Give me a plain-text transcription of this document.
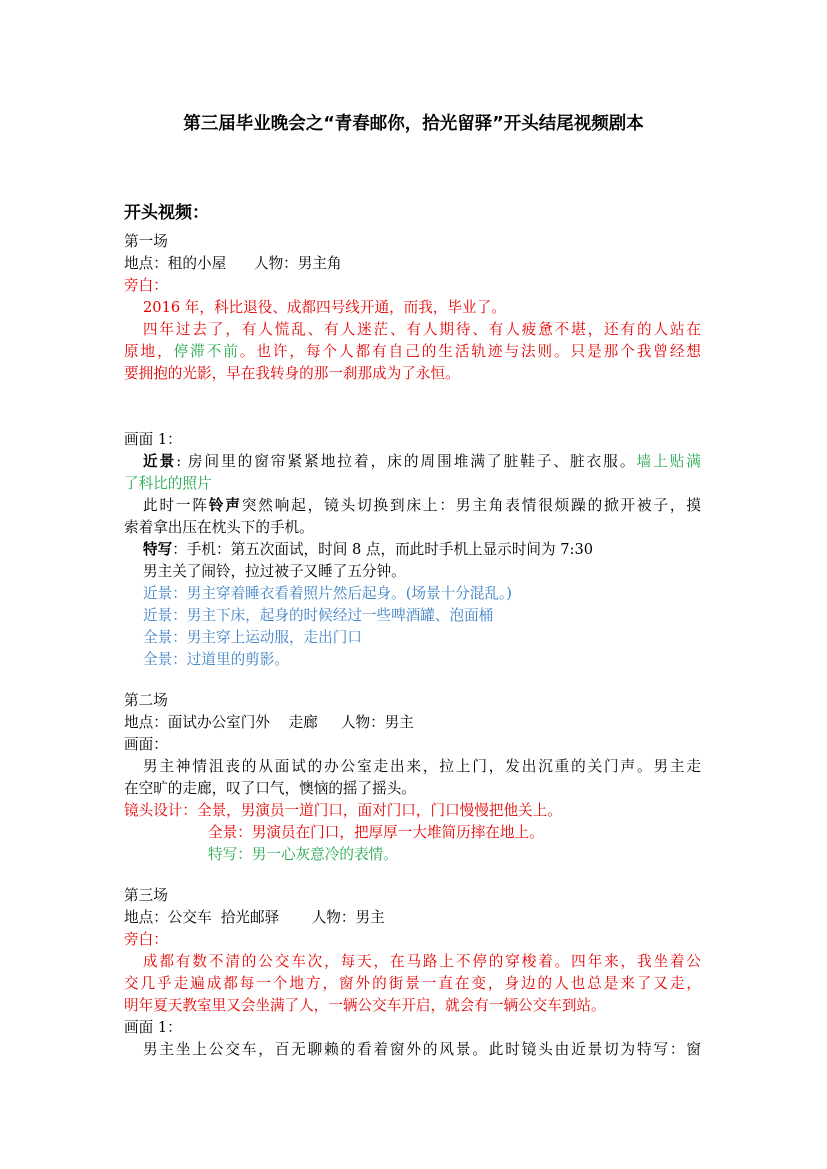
第三届毕业晚会之“青春邮你，拾光留驿”开头结尾视频剧本
开头视频：
第一场
地点：租的小屋      人物：男主角
旁白：
2016 年，科比退役、成都四号线开通，而我，毕业了。
四年过去了，有人慌乱、有人迷茫、有人期待、有人疲惫不堪，还有的人站在
原地，停滞不前。也许，每个人都有自己的生活轨迹与法则。只是那个我曾经想
要拥抱的光影，早在我转身的那一刹那成为了永恒。
画面 1：
近景: 房间里的窗帘紧紧地拉着，床的周围堆满了脏鞋子、脏衣服。墙上贴满
了科比的照片
此时一阵铃声突然响起，镜头切换到床上：男主角表情很烦躁的掀开被子，摸
索着拿出压在枕头下的手机。
特写：手机：第五次面试，时间 8 点，而此时手机上显示时间为 7:30
男主关了闹铃，拉过被子又睡了五分钟。
近景：男主穿着睡衣看着照片然后起身。(场景十分混乱。)
近景：男主下床，起身的时候经过一些啤酒罐、泡面桶
全景：男主穿上运动服，走出门口
全景：过道里的剪影。
第二场
地点：面试办公室门外    走廊     人物：男主
画面：
男主神情沮丧的从面试的办公室走出来，拉上门，发出沉重的关门声。男主走
在空旷的走廊，叹了口气，懊恼的摇了摇头。
镜头设计：全景，男演员一道门口，面对门口，门口慢慢把他关上。
全景：男演员在门口，把厚厚一大堆简历摔在地上。
特写：男一心灰意冷的表情。
第三场
地点：公交车  拾光邮驿       人物：男主
旁白：
成都有数不清的公交车次，每天，在马路上不停的穿梭着。四年来，我坐着公
交几乎走遍成都每一个地方，窗外的街景一直在变，身边的人也总是来了又走，
明年夏天教室里又会坐满了人，一辆公交车开启，就会有一辆公交车到站。
画面 1：
男主坐上公交车，百无聊赖的看着窗外的风景。此时镜头由近景切为特写：窗
